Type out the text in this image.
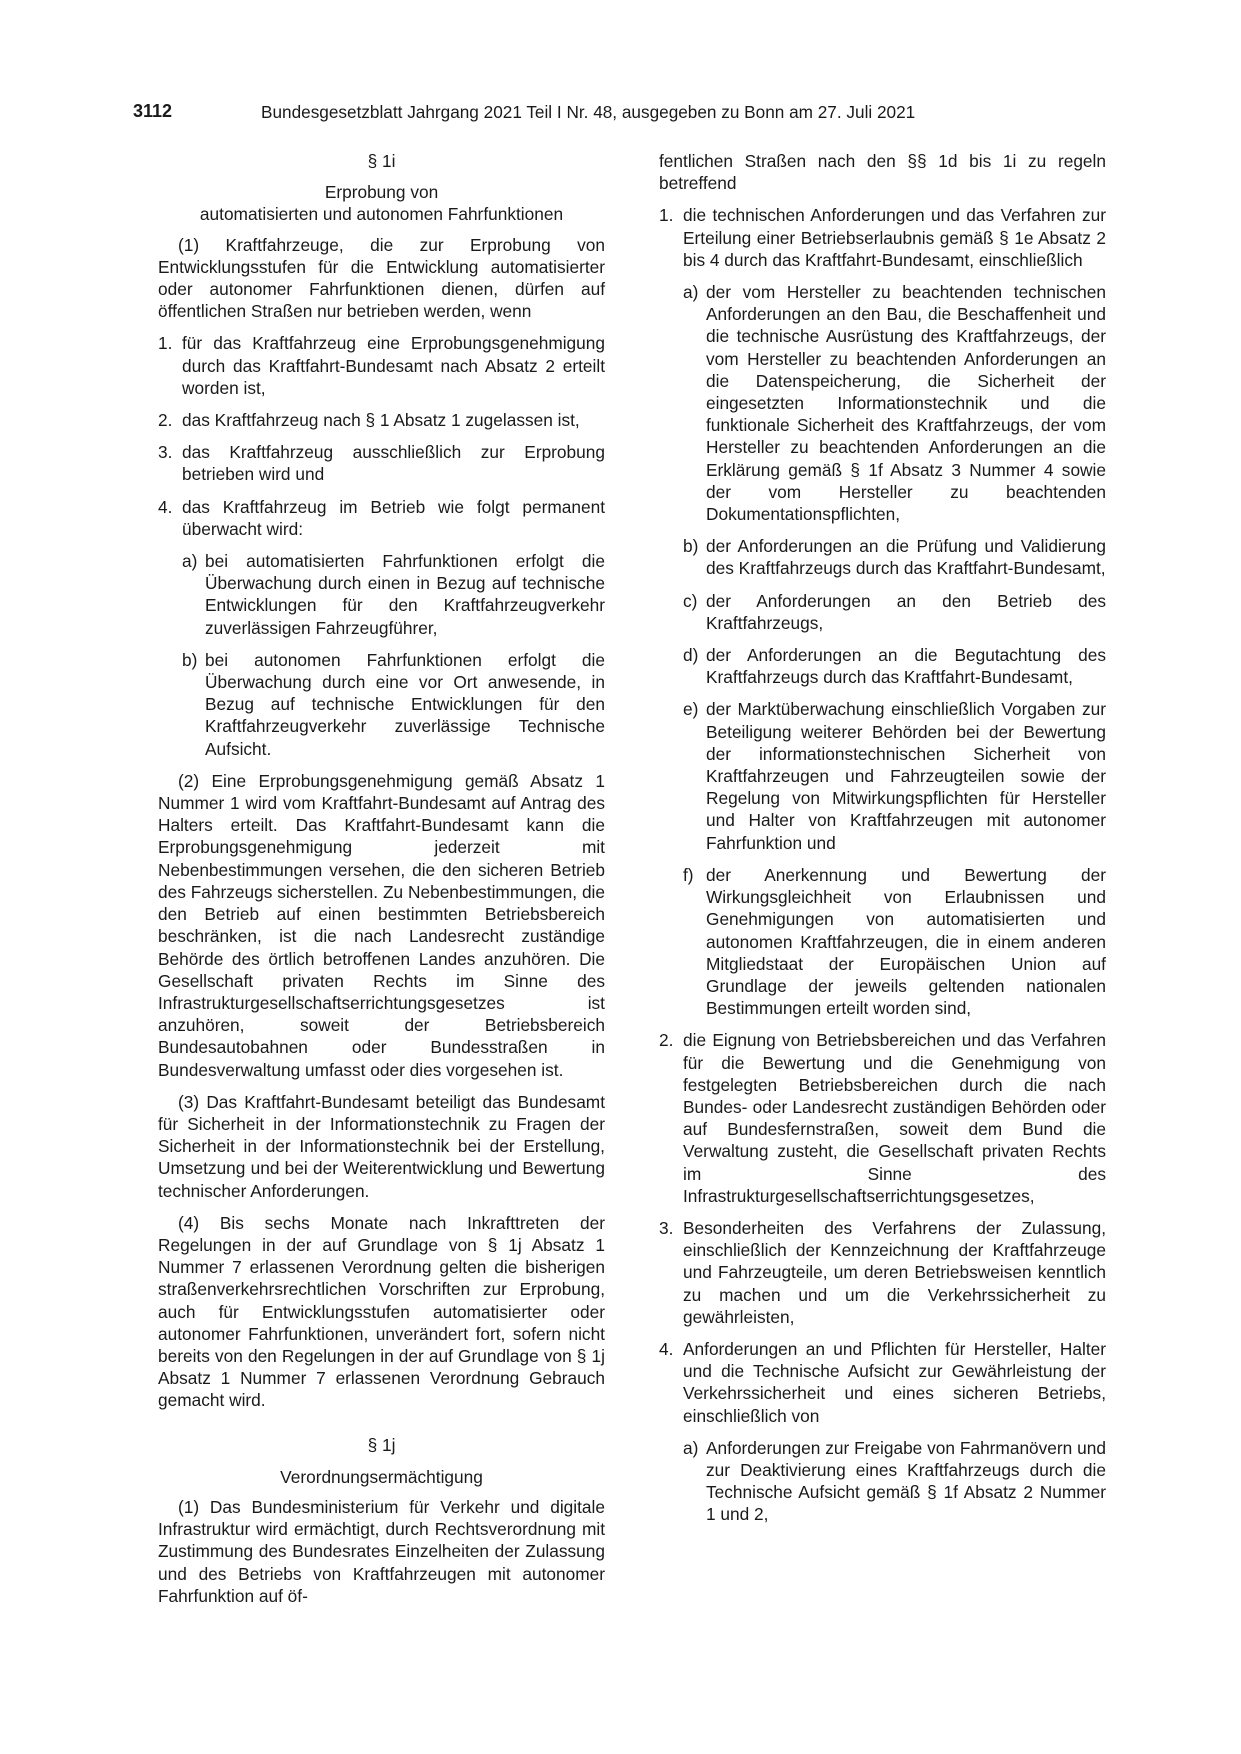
3112	Bundesgesetzblatt Jahrgang 2021 Teil I Nr. 48, ausgegeben zu Bonn am 27. Juli 2021

§ 1i

Erprobung von

automatisierten und autonomen Fahrfunktionen

(1) Kraftfahrzeuge, die zur Erprobung von Entwicklungsstufen für die Entwicklung automatisierter oder autonomer Fahrfunktionen dienen, dürfen auf öffentlichen Straßen nur betrieben werden, wenn

1. für das Kraftfahrzeug eine Erprobungsgenehmigung durch das Kraftfahrt-Bundesamt nach Absatz 2 erteilt worden ist,
2. das Kraftfahrzeug nach § 1 Absatz 1 zugelassen ist,
3. das Kraftfahrzeug ausschließlich zur Erprobung betrieben wird und
4. das Kraftfahrzeug im Betrieb wie folgt permanent überwacht wird:
a) bei automatisierten Fahrfunktionen erfolgt die Überwachung durch einen in Bezug auf technische Entwicklungen für den Kraftfahrzeugverkehr zuverlässigen Fahrzeugführer,
b) bei autonomen Fahrfunktionen erfolgt die Überwachung durch eine vor Ort anwesende, in Bezug auf technische Entwicklungen für den Kraftfahrzeugverkehr zuverlässige Technische Aufsicht.

(2) Eine Erprobungsgenehmigung gemäß Absatz 1 Nummer 1 wird vom Kraftfahrt-Bundesamt auf Antrag des Halters erteilt. Das Kraftfahrt-Bundesamt kann die Erprobungsgenehmigung jederzeit mit Nebenbestimmungen versehen, die den sicheren Betrieb des Fahrzeugs sicherstellen. Zu Nebenbestimmungen, die den Betrieb auf einen bestimmten Betriebsbereich beschränken, ist die nach Landesrecht zuständige Behörde des örtlich betroffenen Landes anzuhören. Die Gesellschaft privaten Rechts im Sinne des Infrastrukturgesellschaftserrichtungsgesetzes ist anzuhören, soweit der Betriebsbereich Bundesautobahnen oder Bundesstraßen in Bundesverwaltung umfasst oder dies vorgesehen ist.

(3) Das Kraftfahrt-Bundesamt beteiligt das Bundesamt für Sicherheit in der Informationstechnik zu Fragen der Sicherheit in der Informationstechnik bei der Erstellung, Umsetzung und bei der Weiterentwicklung und Bewertung technischer Anforderungen.

(4) Bis sechs Monate nach Inkrafttreten der Regelungen in der auf Grundlage von § 1j Absatz 1 Nummer 7 erlassenen Verordnung gelten die bisherigen straßenverkehrsrechtlichen Vorschriften zur Erprobung, auch für Entwicklungsstufen automatisierter oder autonomer Fahrfunktionen, unverändert fort, sofern nicht bereits von den Regelungen in der auf Grundlage von § 1j Absatz 1 Nummer 7 erlassenen Verordnung Gebrauch gemacht wird.

§ 1j

Verordnungsermächtigung

(1) Das Bundesministerium für Verkehr und digitale Infrastruktur wird ermächtigt, durch Rechtsverordnung mit Zustimmung des Bundesrates Einzelheiten der Zulassung und des Betriebs von Kraftfahrzeugen mit autonomer Fahrfunktion auf öf-

fentlichen Straßen nach den §§ 1d bis 1i zu regeln betreffend

1. die technischen Anforderungen und das Verfahren zur Erteilung einer Betriebserlaubnis gemäß § 1e Absatz 2 bis 4 durch das Kraftfahrt-Bundesamt, einschließlich
a) der vom Hersteller zu beachtenden technischen Anforderungen an den Bau, die Beschaffenheit und die technische Ausrüstung des Kraftfahrzeugs, der vom Hersteller zu beachtenden Anforderungen an die Datenspeicherung, die Sicherheit der eingesetzten Informationstechnik und die funktionale Sicherheit des Kraftfahrzeugs, der vom Hersteller zu beachtenden Anforderungen an die Erklärung gemäß § 1f Absatz 3 Nummer 4 sowie der vom Hersteller zu beachtenden Dokumentationspflichten,
b) der Anforderungen an die Prüfung und Validierung des Kraftfahrzeugs durch das Kraftfahrt-Bundesamt,
c) der Anforderungen an den Betrieb des Kraftfahrzeugs,
d) der Anforderungen an die Begutachtung des Kraftfahrzeugs durch das Kraftfahrt-Bundesamt,
e) der Marktüberwachung einschließlich Vorgaben zur Beteiligung weiterer Behörden bei der Bewertung der informationstechnischen Sicherheit von Kraftfahrzeugen und Fahrzeugteilen sowie der Regelung von Mitwirkungspflichten für Hersteller und Halter von Kraftfahrzeugen mit autonomer Fahrfunktion und
f) der Anerkennung und Bewertung der Wirkungsgleichheit von Erlaubnissen und Genehmigungen von automatisierten und autonomen Kraftfahrzeugen, die in einem anderen Mitgliedstaat der Europäischen Union auf Grundlage der jeweils geltenden nationalen Bestimmungen erteilt worden sind,
2. die Eignung von Betriebsbereichen und das Verfahren für die Bewertung und die Genehmigung von festgelegten Betriebsbereichen durch die nach Bundes- oder Landesrecht zuständigen Behörden oder auf Bundesfernstraßen, soweit dem Bund die Verwaltung zusteht, die Gesellschaft privaten Rechts im Sinne des Infrastrukturgesellschaftserrichtungsgesetzes,
3. Besonderheiten des Verfahrens der Zulassung, einschließlich der Kennzeichnung der Kraftfahrzeuge und Fahrzeugteile, um deren Betriebsweisen kenntlich zu machen und um die Verkehrssicherheit zu gewährleisten,
4. Anforderungen an und Pflichten für Hersteller, Halter und die Technische Aufsicht zur Gewährleistung der Verkehrssicherheit und eines sicheren Betriebs, einschließlich von
a) Anforderungen zur Freigabe von Fahrmanövern und zur Deaktivierung eines Kraftfahrzeugs durch die Technische Aufsicht gemäß § 1f Absatz 2 Nummer 1 und 2,
